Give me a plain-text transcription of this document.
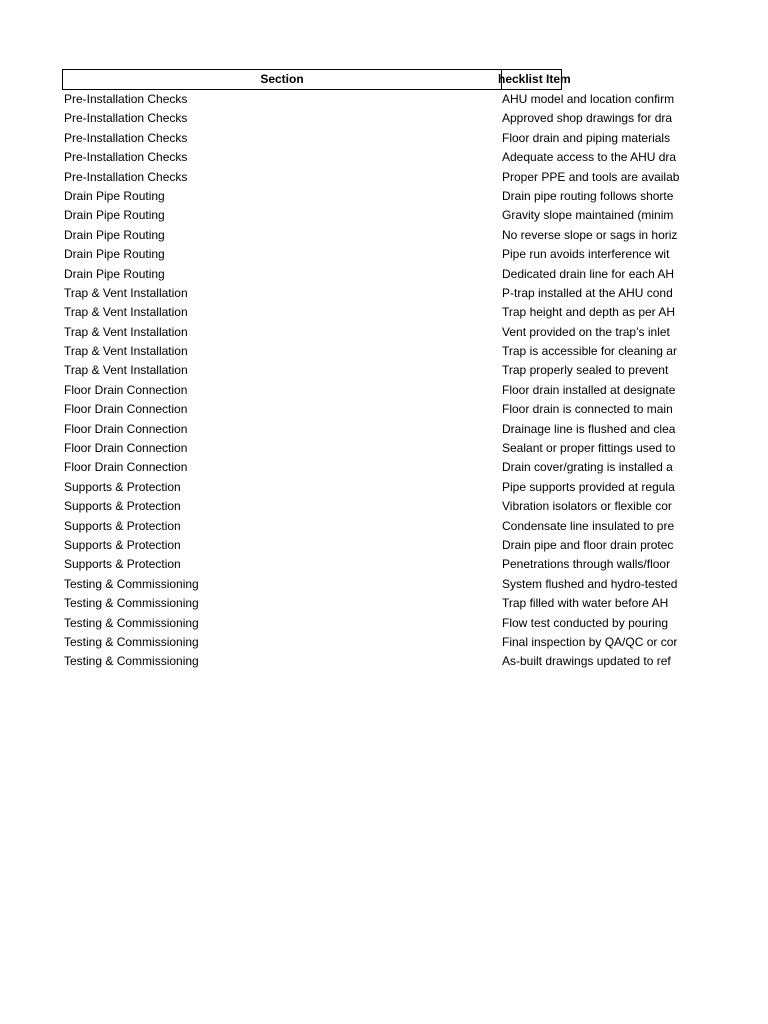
Section	hecklist Item
Pre-Installation Checks	AHU model and location confirm
Pre-Installation Checks	Approved shop drawings for dra
Pre-Installation Checks	Floor drain and piping materials
Pre-Installation Checks	Adequate access to the AHU dra
Pre-Installation Checks	Proper PPE and tools are availab
Drain Pipe Routing	Drain pipe routing follows shorte
Drain Pipe Routing	Gravity slope maintained (minim
Drain Pipe Routing	No reverse slope or sags in horiz
Drain Pipe Routing	Pipe run avoids interference wit
Drain Pipe Routing	Dedicated drain line for each AH
Trap & Vent Installation	P-trap installed at the AHU cond
Trap & Vent Installation	Trap height and depth as per AH
Trap & Vent Installation	Vent provided on the trap’s inlet
Trap & Vent Installation	Trap is accessible for cleaning ar
Trap & Vent Installation	Trap properly sealed to prevent
Floor Drain Connection	Floor drain installed at designate
Floor Drain Connection	Floor drain is connected to main
Floor Drain Connection	Drainage line is flushed and clea
Floor Drain Connection	Sealant or proper fittings used to
Floor Drain Connection	Drain cover/grating is installed a
Supports & Protection	Pipe supports provided at regula
Supports & Protection	Vibration isolators or flexible cor
Supports & Protection	Condensate line insulated to pre
Supports & Protection	Drain pipe and floor drain protec
Supports & Protection	Penetrations through walls/floor
Testing & Commissioning	System flushed and hydro-tested
Testing & Commissioning	Trap filled with water before AH
Testing & Commissioning	Flow test conducted by pouring
Testing & Commissioning	Final inspection by QA/QC or cor
Testing & Commissioning	As-built drawings updated to ref
